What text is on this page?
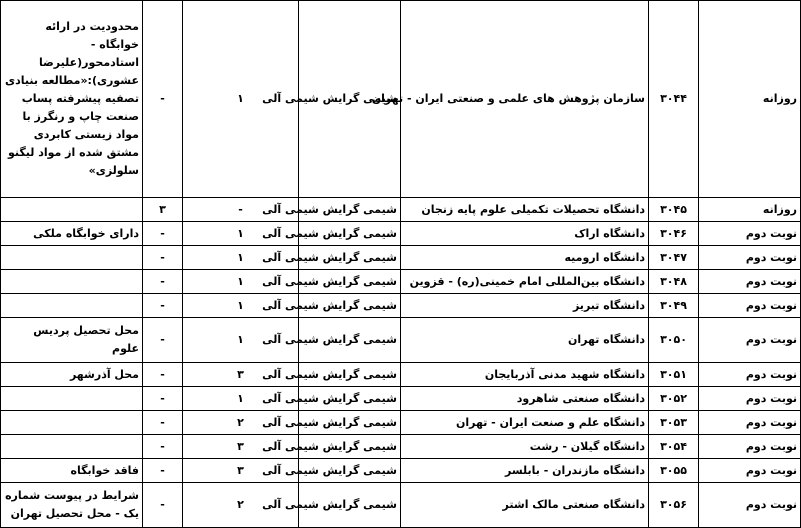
روزانه	۳۰۴۴	سازمان پژوهش های علمی و صنعتی ایران - تهران	شیمی گرایش شیمی آلی	۱	-	محدودیت در ارائه خوابگاه - استادمحور(علیرضا عشوری):«مطالعه بنیادی تصفیه پیشرفته پساب صنعت چاپ و رنگرز با مواد زیستی کابردی مشتق شده از مواد لیگنو سلولزی»
روزانه	۳۰۴۵	دانشگاه تحصیلات تکمیلی علوم پایه زنجان	شیمی گرایش شیمی آلی	-	۳	
نوبت دوم	۳۰۴۶	دانشگاه اراک	شیمی گرایش شیمی آلی	۱	-	دارای خوابگاه ملکی
نوبت دوم	۳۰۴۷	دانشگاه ارومیه	شیمی گرایش شیمی آلی	۱	-	
نوبت دوم	۳۰۴۸	دانشگاه بین‌المللی امام خمینی(ره) - قزوین	شیمی گرایش شیمی آلی	۱	-	
نوبت دوم	۳۰۴۹	دانشگاه تبریز	شیمی گرایش شیمی آلی	۱	-	
نوبت دوم	۳۰۵۰	دانشگاه تهران	شیمی گرایش شیمی آلی	۱	-	محل تحصیل پردیس علوم
نوبت دوم	۳۰۵۱	دانشگاه شهید مدنی آذربایجان	شیمی گرایش شیمی آلی	۳	-	محل آذرشهر
نوبت دوم	۳۰۵۲	دانشگاه صنعتی شاهرود	شیمی گرایش شیمی آلی	۱	-	
نوبت دوم	۳۰۵۳	دانشگاه علم و صنعت ایران - تهران	شیمی گرایش شیمی آلی	۲	-	
نوبت دوم	۳۰۵۴	دانشگاه گیلان - رشت	شیمی گرایش شیمی آلی	۳	-	
نوبت دوم	۳۰۵۵	دانشگاه مازندران - بابلسر	شیمی گرایش شیمی آلی	۳	-	فاقد خوابگاه
نوبت دوم	۳۰۵۶	دانشگاه صنعتی مالک اشتر	شیمی گرایش شیمی آلی	۲	-	شرایط در پیوست شماره یک - محل تحصیل تهران
